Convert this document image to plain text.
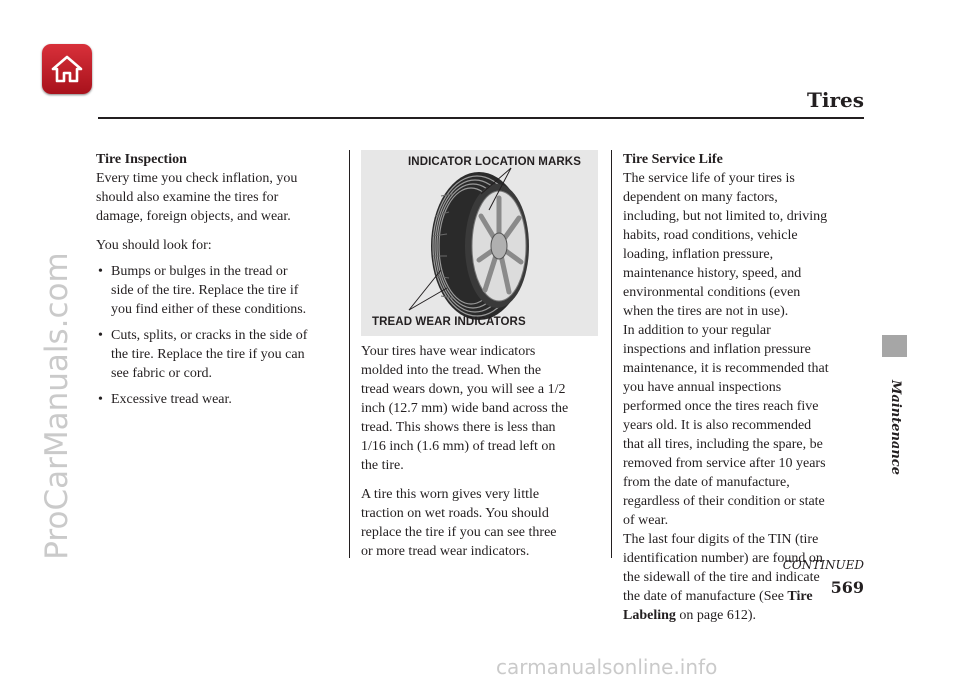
Tires
Maintenance

Tire Inspection

Every time you check inflation, you
should also examine the tires for
damage, foreign objects, and wear.

You should look for:

• Bumps or bulges in the tread or
side of the tire. Replace the tire if
you find either of these conditions.
• Cuts, splits, or cracks in the side of
the tire. Replace the tire if you can
see fabric or cord.
• Excessive tread wear.
INDICATOR LOCATION MARKS
TREAD WEAR INDICATORS

Your tires have wear indicators
molded into the tread. When the
tread wears down, you will see a 1/2
inch (12.7 mm) wide band across the
tread. This shows there is less than
1/16 inch (1.6 mm) of tread left on
the tire.

A tire this worn gives very little
traction on wet roads. You should
replace the tire if you can see three
or more tread wear indicators.

Tire Service Life

The service life of your tires is
dependent on many factors,
including, but not limited to, driving
habits, road conditions, vehicle
loading, inflation pressure,
maintenance history, speed, and
environmental conditions (even
when the tires are not in use).

In addition to your regular
inspections and inflation pressure
maintenance, it is recommended that
you have annual inspections
performed once the tires reach five
years old. It is also recommended
that all tires, including the spare, be
removed from service after 10 years
from the date of manufacture,
regardless of their condition or state
of wear.

The last four digits of the TIN (tire
identification number) are found on
the sidewall of the tire and indicate
the date of manufacture (See Tire
Labeling on page 612).

CONTINUED
569
ProCarManuals.com
carmanualsonline.info
